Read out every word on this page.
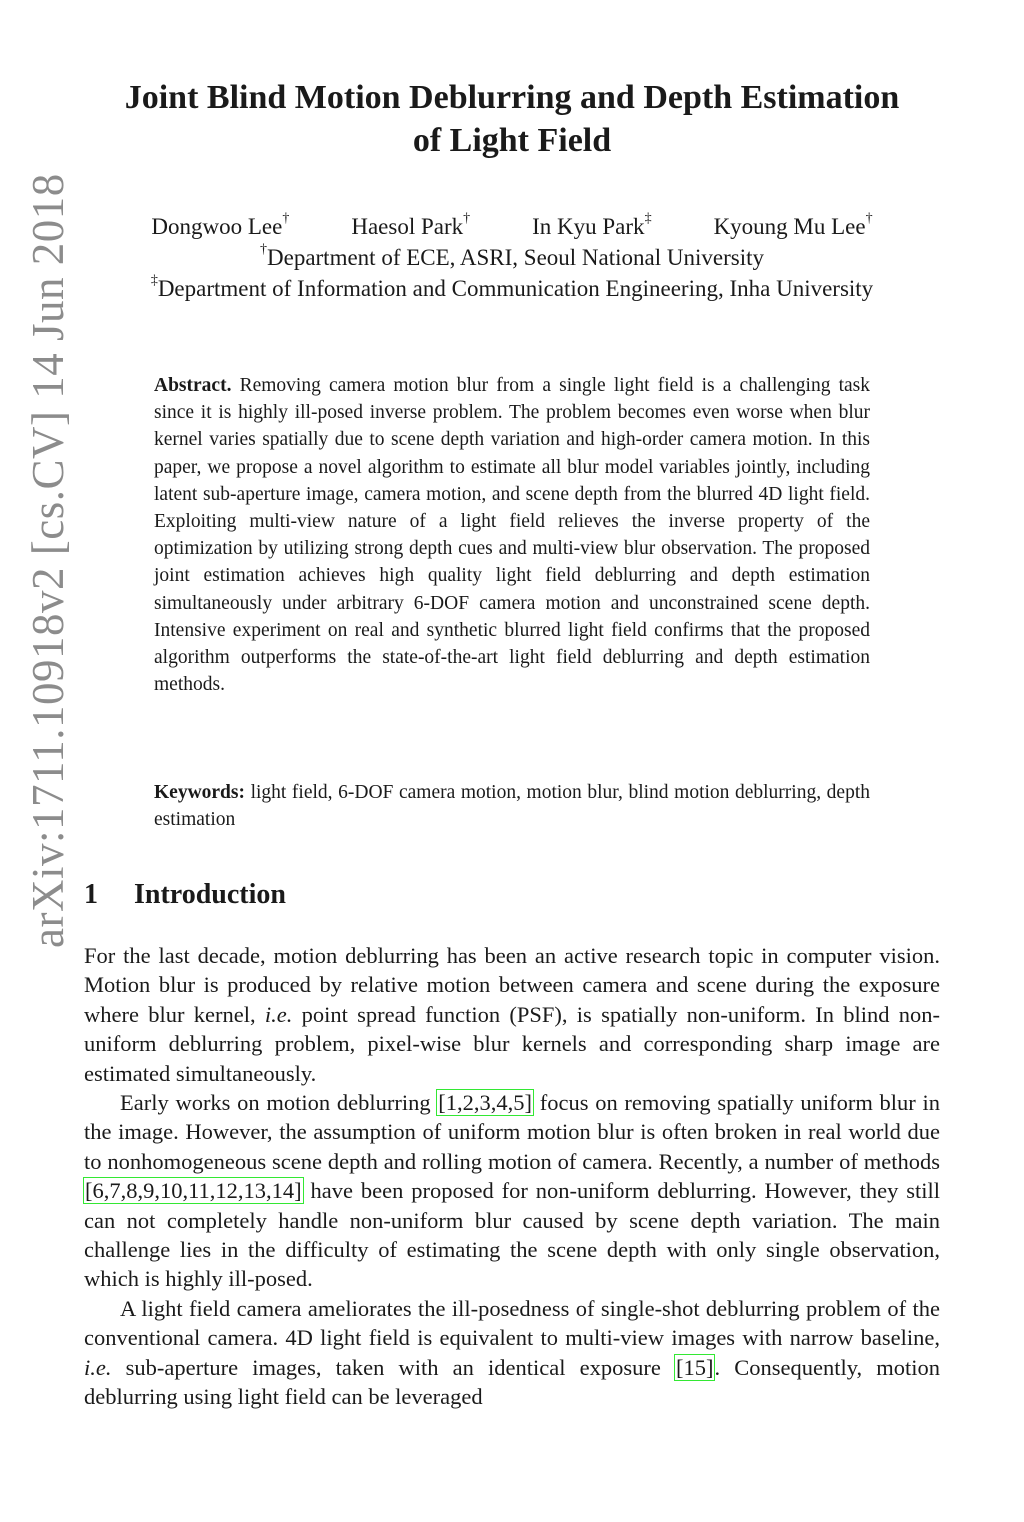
arXiv:1711.10918v2 [cs.CV] 14 Jun 2018
Joint Blind Motion Deblurring and Depth Estimation of Light Field
Dongwoo Lee†	Haesol Park†	In Kyu Park‡	Kyoung Mu Lee†
†Department of ECE, ASRI, Seoul National University
‡Department of Information and Communication Engineering, Inha University
Abstract. Removing camera motion blur from a single light field is a challenging task since it is highly ill-posed inverse problem. The problem becomes even worse when blur kernel varies spatially due to scene depth variation and high-order camera motion. In this paper, we propose a novel algorithm to estimate all blur model variables jointly, including latent sub-aperture image, camera motion, and scene depth from the blurred 4D light field. Exploiting multi-view nature of a light field relieves the inverse property of the optimization by utilizing strong depth cues and multi-view blur observation. The proposed joint estimation achieves high quality light field deblurring and depth estimation simultaneously under arbitrary 6-DOF camera motion and unconstrained scene depth. Intensive experiment on real and synthetic blurred light field confirms that the proposed algorithm outperforms the state-of-the-art light field deblurring and depth estimation methods.
Keywords: light field, 6-DOF camera motion, motion blur, blind motion deblurring, depth estimation
1 Introduction

For the last decade, motion deblurring has been an active research topic in computer vision. Motion blur is produced by relative motion between camera and scene during the exposure where blur kernel, i.e. point spread function (PSF), is spatially non-uniform. In blind non-uniform deblurring problem, pixel-wise blur kernels and corresponding sharp image are estimated simultaneously.

Early works on motion deblurring [1,2,3,4,5] focus on removing spatially uniform blur in the image. However, the assumption of uniform motion blur is often broken in real world due to nonhomogeneous scene depth and rolling motion of camera. Recently, a number of methods [6,7,8,9,10,11,12,13,14] have been proposed for non-uniform deblurring. However, they still can not completely handle non-uniform blur caused by scene depth variation. The main challenge lies in the difficulty of estimating the scene depth with only single observation, which is highly ill-posed.

A light field camera ameliorates the ill-posedness of single-shot deblurring problem of the conventional camera. 4D light field is equivalent to multi-view images with narrow baseline, i.e. sub-aperture images, taken with an identical exposure [15]. Consequently, motion deblurring using light field can be leveraged
